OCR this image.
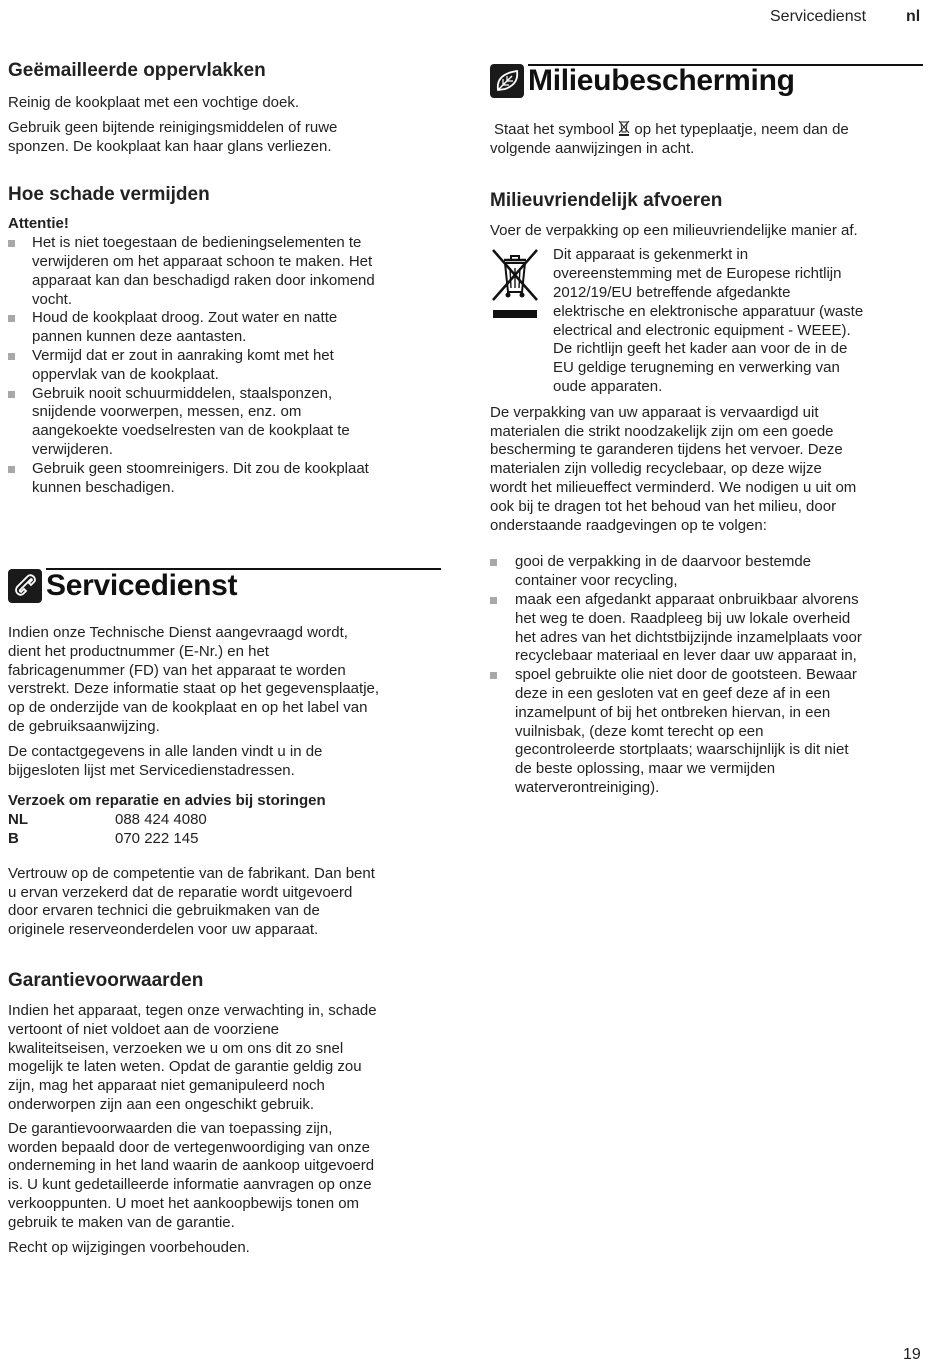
Servicedienst nl
Geëmailleerde oppervlakken

Reinig de kookplaat met een vochtige doek.

Gebruik geen bijtende reinigingsmiddelen of ruwe
sponzen. De kookplaat kan haar glans verliezen.

Hoe schade vermijden

Attentie!

Het is niet toegestaan de bedieningselementen te
verwijderen om het apparaat schoon te maken. Het
apparaat kan dan beschadigd raken door inkomend
vocht.
Houd de kookplaat droog. Zout water en natte
pannen kunnen deze aantasten.
Vermijd dat er zout in aanraking komt met het
oppervlak van de kookplaat.
Gebruik nooit schuurmiddelen, staalsponzen,
snijdende voorwerpen, messen, enz. om
aangekoekte voedselresten van de kookplaat te
verwijderen.
Gebruik geen stoomreinigers. Dit zou de kookplaat
kunnen beschadigen.
Servicedienst

Indien onze Technische Dienst aangevraagd wordt,
dient het productnummer (E-Nr.) en het
fabricagenummer (FD) van het apparaat te worden
verstrekt. Deze informatie staat op het gegevensplaatje,
op de onderzijde van de kookplaat en op het label van
de gebruiksaanwijzing.

De contactgegevens in alle landen vindt u in de
bijgesloten lijst met Servicedienstadressen.

Verzoek om reparatie en advies bij storingen

NL	088 424 4080
B	070 222 145

Vertrouw op de competentie van de fabrikant. Dan bent
u ervan verzekerd dat de reparatie wordt uitgevoerd
door ervaren technici die gebruikmaken van de
originele reserveonderdelen voor uw apparaat.

Garantievoorwaarden

Indien het apparaat, tegen onze verwachting in, schade
vertoont of niet voldoet aan de voorziene
kwaliteitseisen, verzoeken we u om ons dit zo snel
mogelijk te laten weten. Opdat de garantie geldig zou
zijn, mag het apparaat niet gemanipuleerd noch
onderworpen zijn aan een ongeschikt gebruik.

De garantievoorwaarden die van toepassing zijn,
worden bepaald door de vertegenwoordiging van onze
onderneming in het land waarin de aankoop uitgevoerd
is. U kunt gedetailleerde informatie aanvragen op onze
verkooppunten. U moet het aankoopbewijs tonen om
gebruik te maken van de garantie.

Recht op wijzigingen voorbehouden.

Milieubescherming

Staat het symbool op het typeplaatje, neem dan de
volgende aanwijzingen in acht.

Milieuvriendelijk afvoeren

Voer de verpakking op een milieuvriendelijke manier af.

Dit apparaat is gekenmerkt in
overeenstemming met de Europese richtlijn
2012/19/EU betreffende afgedankte
elektrische en elektronische apparatuur (waste
electrical and electronic equipment - WEEE).
De richtlijn geeft het kader aan voor de in de
EU geldige terugneming en verwerking van
oude apparaten.

De verpakking van uw apparaat is vervaardigd uit
materialen die strikt noodzakelijk zijn om een goede
bescherming te garanderen tijdens het vervoer. Deze
materialen zijn volledig recyclebaar, op deze wijze
wordt het milieueffect verminderd. We nodigen u uit om
ook bij te dragen tot het behoud van het milieu, door
onderstaande raadgevingen op te volgen:

gooi de verpakking in de daarvoor bestemde
container voor recycling,
maak een afgedankt apparaat onbruikbaar alvorens
het weg te doen. Raadpleeg bij uw lokale overheid
het adres van het dichtstbijzijnde inzamelplaats voor
recyclebaar materiaal en lever daar uw apparaat in,
spoel gebruikte olie niet door de gootsteen. Bewaar
deze in een gesloten vat en geef deze af in een
inzamelpunt of bij het ontbreken hiervan, in een
vuilnisbak, (deze komt terecht op een
gecontroleerde stortplaats; waarschijnlijk is dit niet
de beste oplossing, maar we vermijden
waterverontreiniging).
19
